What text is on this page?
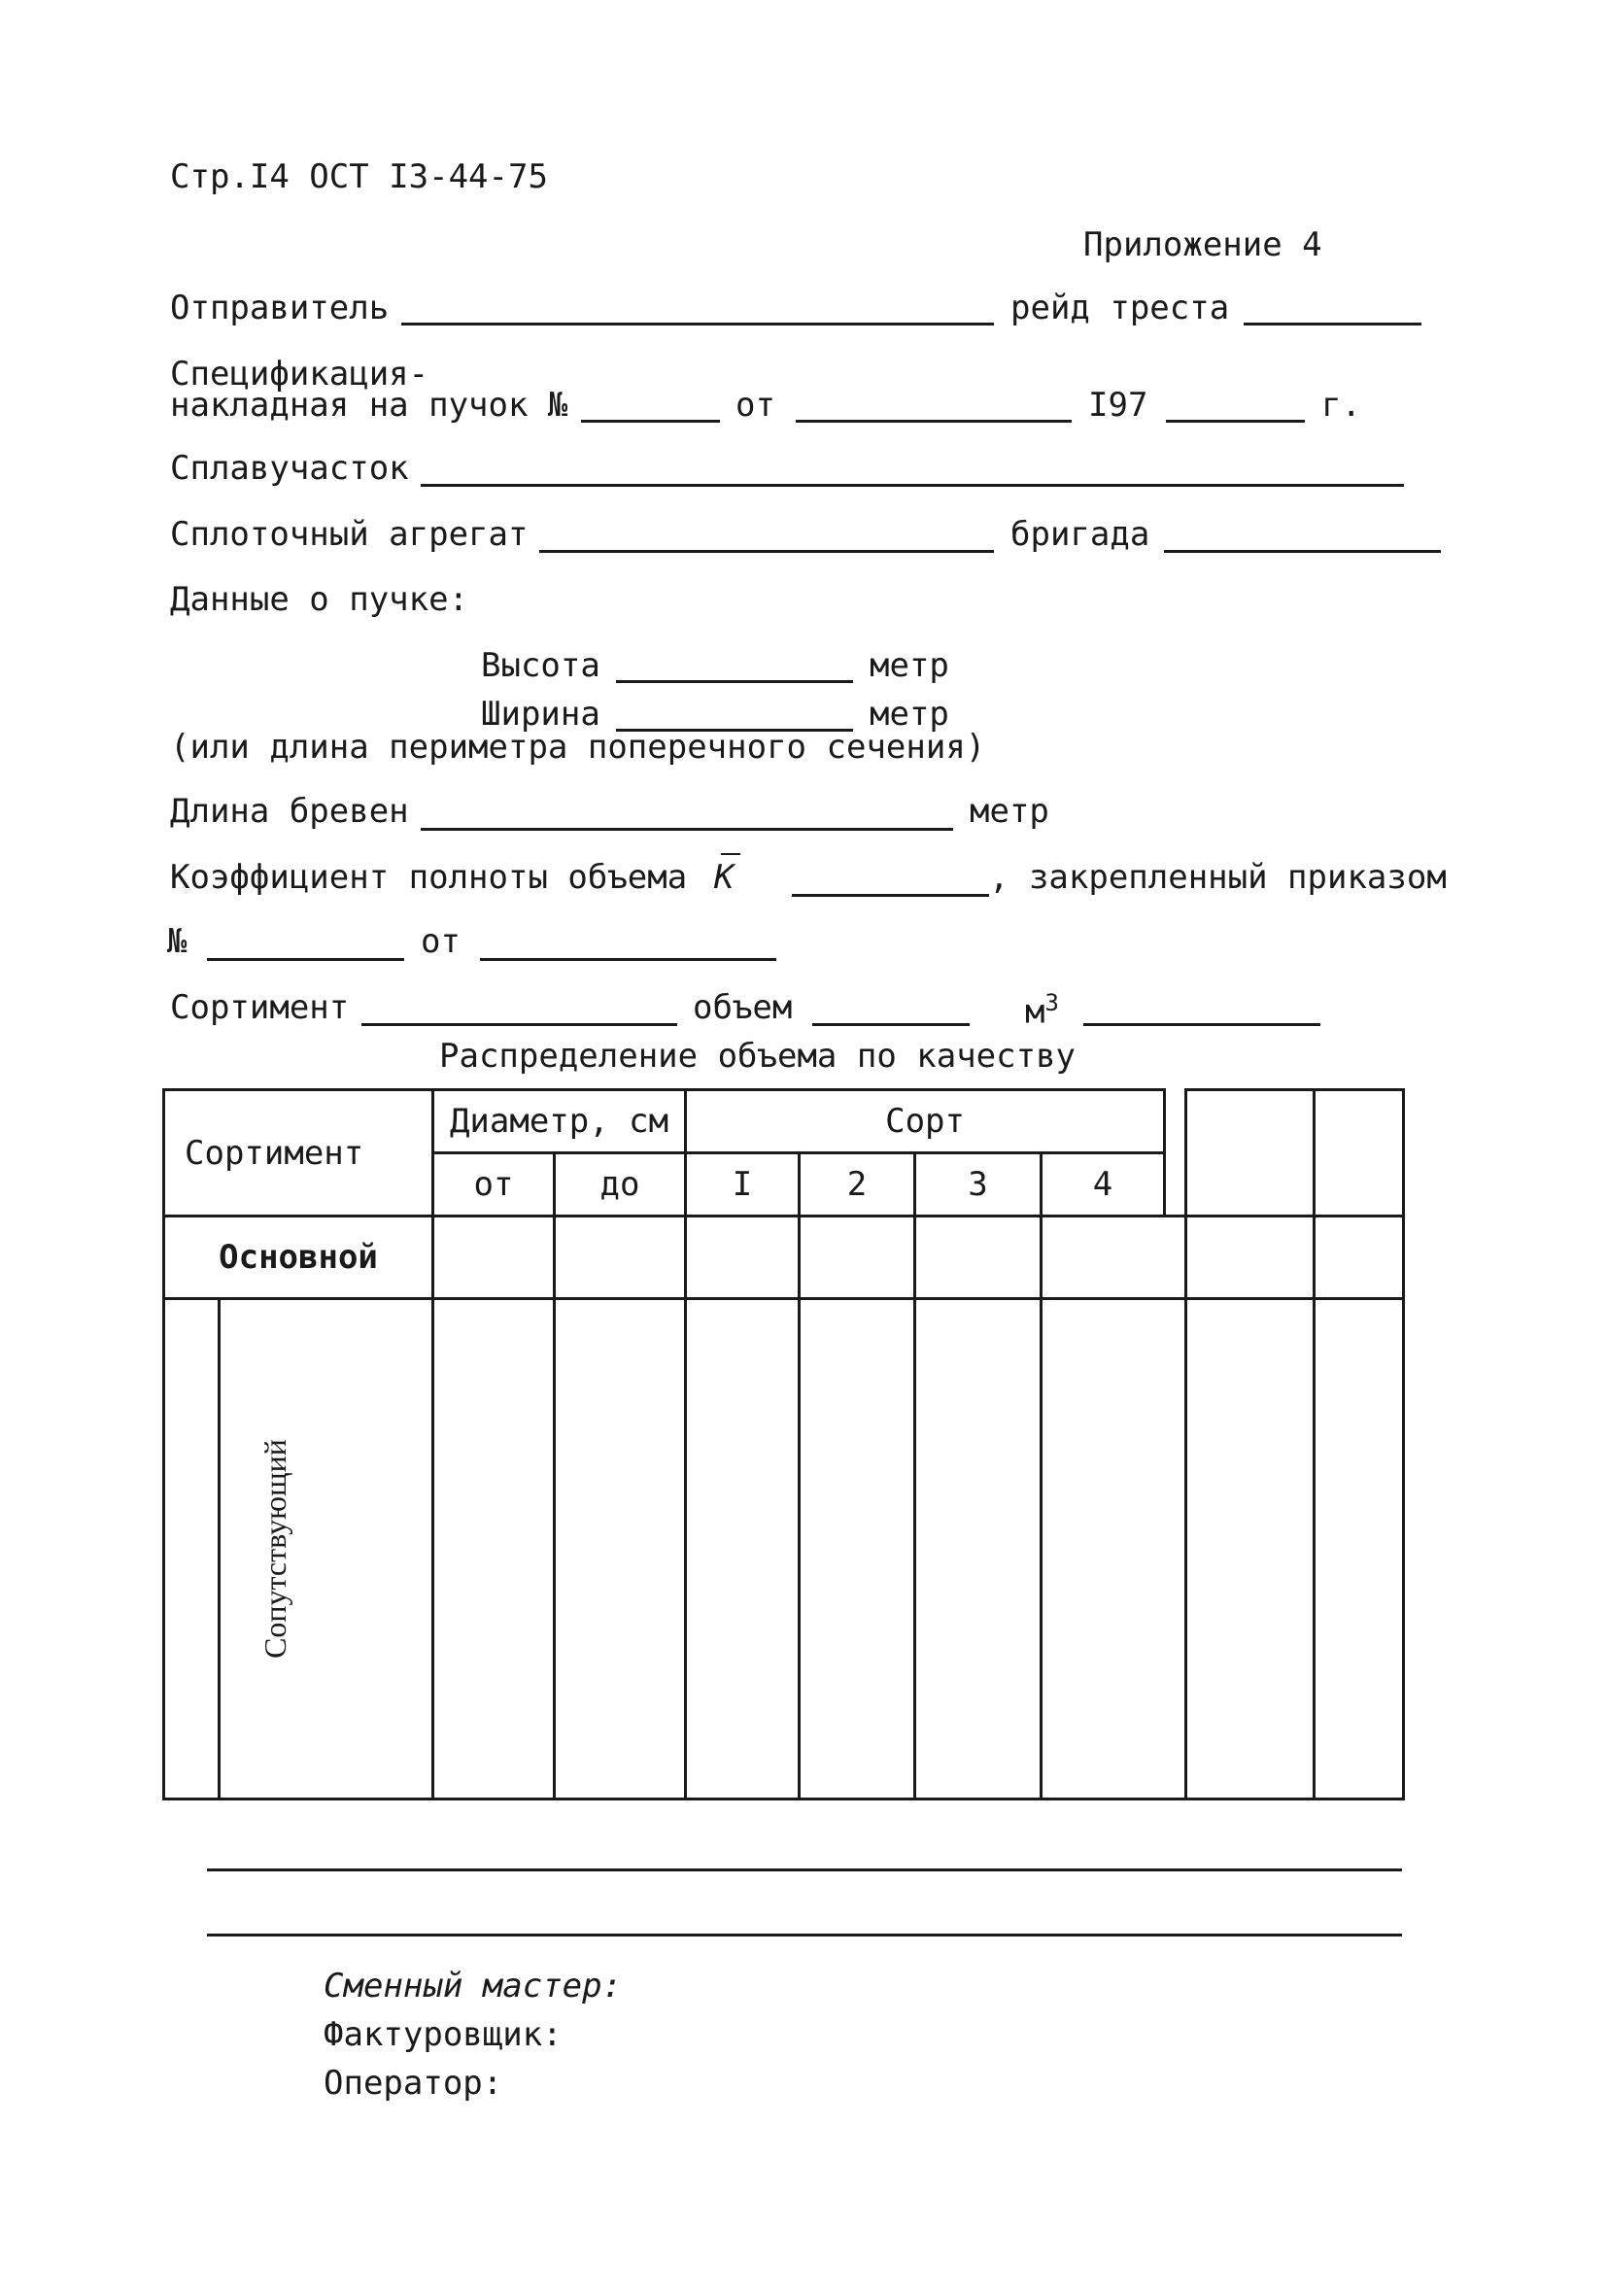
Стр.I4 ОСТ I3-44-75
Приложение 4
Отправитель	рейд треста
Спецификация-
накладная на пучок №	от	I97	г.
Сплавучасток
Сплоточный агрегат	бригада
Данные о пучке:
Высота	метр
Ширина	метр
(или длина периметра поперечного сечения)
Длина бревен	метр
Коэффициент полноты объема K	, закрепленный приказом
№	от
Сортимент	объем	$м^3$
Распределение объема по качеству
Сортимент		Диаметр, см		Сорт						
		от	до	I	2	3	4			
Основной										
Сопутствующий										
Сменный мастер:
Фактуровщик:
Оператор:
